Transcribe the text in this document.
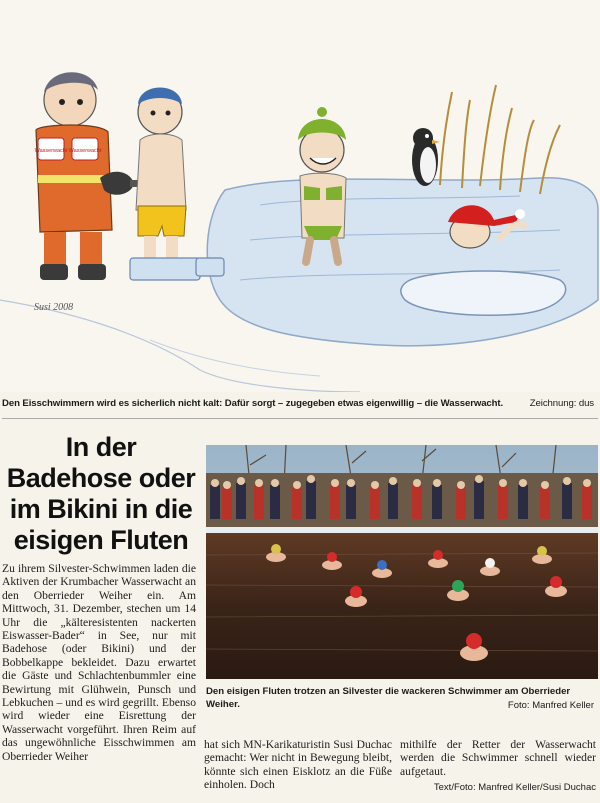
Wasserwacht Wasserwacht
Susi 2008
Den Eisschwimmern wird es sicherlich nicht kalt: Dafür sorgt – zugegeben etwas eigenwillig – die Wasserwacht.	Zeichnung: dus
In der
Badehose oder
im Bikini in die
eisigen Fluten
Den eisigen Fluten trotzen an Silvester die wackeren Schwimmer am Oberrieder Weiher.	Foto: Manfred Keller
Zu ihrem Silvester-Schwimmen laden die Aktiven der Krumbacher Wasserwacht an den Oberrieder Weiher ein. Am Mittwoch, 31. Dezember, stechen um 14 Uhr die „kälteresistenten nackerten Eiswasser-Bader“ in See, nur mit Badehose (oder Bikini) und der Bobbelkappe bekleidet. Dazu erwartet die Gäste und Schlachtenbummler eine Bewirtung mit Glühwein, Punsch und Lebkuchen – und es wird gegrillt. Ebenso wird wieder eine Eisrettung der Wasserwacht vorgeführt. Ihren Reim auf das ungewöhnliche Eisschwimmen am Oberrieder Weiher
hat sich MN-Karikaturistin Susi Duchac gemacht: Wer nicht in Bewegung bleibt, könnte sich einen Eisklotz an die Füße einholen. Doch
mithilfe der Retter der Wasserwacht werden die Schwimmer schnell wieder aufgetaut.
Text/Foto: Manfred Keller/Susi Duchac
